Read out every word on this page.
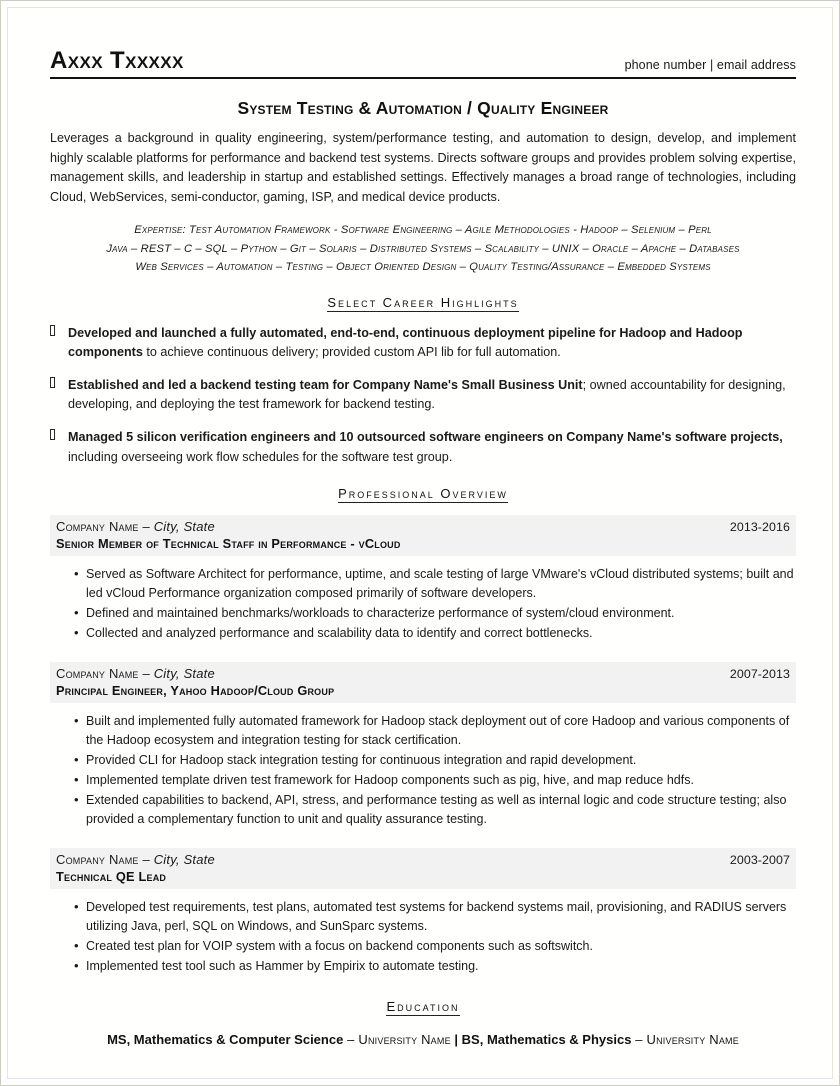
Axxx Txxxxx	phone number | email address
System Testing & Automation / Quality Engineer
Leverages a background in quality engineering, system/performance testing, and automation to design, develop, and implement highly scalable platforms for performance and backend test systems. Directs software groups and provides problem solving expertise, management skills, and leadership in startup and established settings. Effectively manages a broad range of technologies, including Cloud, WebServices, semi-conductor, gaming, ISP, and medical device products.
Expertise: Test Automation Framework - Software Engineering – Agile Methodologies - Hadoop – Selenium – Perl
Java – REST – C – SQL – Python – Git – Solaris – Distributed Systems – Scalability – UNIX – Oracle – Apache – Databases
Web Services – Automation – Testing – Object Oriented Design – Quality Testing/Assurance – Embedded Systems
Select Career Highlights
Developed and launched a fully automated, end-to-end, continuous deployment pipeline for Hadoop and Hadoop components to achieve continuous delivery; provided custom API lib for full automation.
Established and led a backend testing team for Company Name's Small Business Unit; owned accountability for designing, developing, and deploying the test framework for backend testing.
Managed 5 silicon verification engineers and 10 outsourced software engineers on Company Name's software projects, including overseeing work flow schedules for the software test group.
Professional Overview
Company Name – City, State	2013-2016
Senior Member of Technical Staff in Performance - vCloud
• Served as Software Architect for performance, uptime, and scale testing of large VMware's vCloud distributed systems; built and led vCloud Performance organization composed primarily of software developers.
• Defined and maintained benchmarks/workloads to characterize performance of system/cloud environment.
• Collected and analyzed performance and scalability data to identify and correct bottlenecks.
Company Name – City, State	2007-2013
Principal Engineer, Yahoo Hadoop/Cloud Group
• Built and implemented fully automated framework for Hadoop stack deployment out of core Hadoop and various components of the Hadoop ecosystem and integration testing for stack certification.
• Provided CLI for Hadoop stack integration testing for continuous integration and rapid development.
• Implemented template driven test framework for Hadoop components such as pig, hive, and map reduce hdfs.
• Extended capabilities to backend, API, stress, and performance testing as well as internal logic and code structure testing; also provided a complementary function to unit and quality assurance testing.
Company Name – City, State	2003-2007
Technical QE Lead
• Developed test requirements, test plans, automated test systems for backend systems mail, provisioning, and RADIUS servers utilizing Java, perl, SQL on Windows, and SunSparc systems.
• Created test plan for VOIP system with a focus on backend components such as softswitch.
• Implemented test tool such as Hammer by Empirix to automate testing.
Education
MS, Mathematics & Computer Science – University Name | BS, Mathematics & Physics – University Name
